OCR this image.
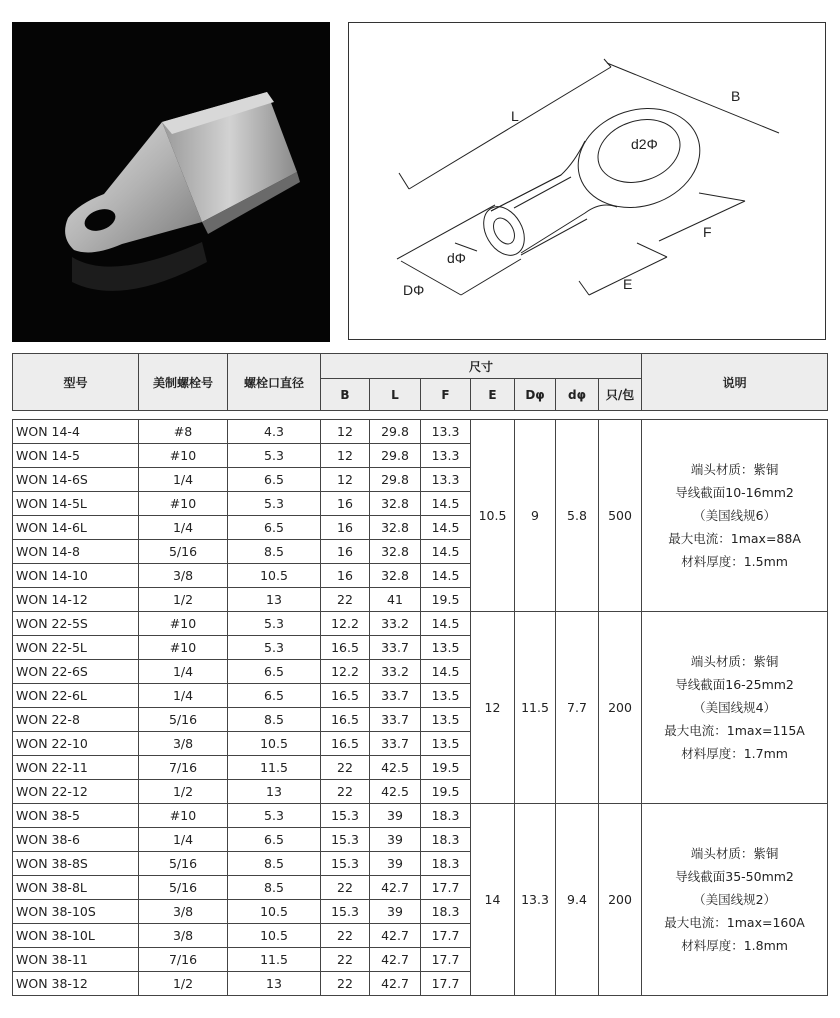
L
B
d2Φ
F
E
dΦ
DΦ
型号	美制螺栓号	螺栓口直径	尺寸							说明
			B	L	F	E	Dφ	dφ	只/包	

WON 14-4	#8	4.3	12	29.8	13.3	10.5	9	5.8	500	端头材质：紫铜
导线截面10-16mm2
（美国线规6）
最大电流：1max=88A
材料厚度：1.5mm

WON 14-5	#10	5.3	12	29.8	13.3					
WON 14-6S	1/4	6.5	12	29.8	13.3					
WON 14-5L	#10	5.3	16	32.8	14.5					
WON 14-6L	1/4	6.5	16	32.8	14.5					
WON 14-8	5/16	8.5	16	32.8	14.5					
WON 14-10	3/8	10.5	16	32.8	14.5					
WON 14-12	1/2	13	22	41	19.5					
WON 22-5S	#10	5.3	12.2	33.2	14.5	12	11.5	7.7	200	端头材质：紫铜
导线截面16-25mm2
（美国线规4）
最大电流：1max=115A
材料厚度：1.7mm

WON 22-5L	#10	5.3	16.5	33.7	13.5					
WON 22-6S	1/4	6.5	12.2	33.2	14.5					
WON 22-6L	1/4	6.5	16.5	33.7	13.5					
WON 22-8	5/16	8.5	16.5	33.7	13.5					
WON 22-10	3/8	10.5	16.5	33.7	13.5					
WON 22-11	7/16	11.5	22	42.5	19.5					
WON 22-12	1/2	13	22	42.5	19.5					
WON 38-5	#10	5.3	15.3	39	18.3	14	13.3	9.4	200	端头材质：紫铜
导线截面35-50mm2
（美国线规2）
最大电流：1max=160A
材料厚度：1.8mm

WON 38-6	1/4	6.5	15.3	39	18.3					
WON 38-8S	5/16	8.5	15.3	39	18.3					
WON 38-8L	5/16	8.5	22	42.7	17.7					
WON 38-10S	3/8	10.5	15.3	39	18.3					
WON 38-10L	3/8	10.5	22	42.7	17.7					
WON 38-11	7/16	11.5	22	42.7	17.7					
WON 38-12	1/2	13	22	42.7	17.7					
